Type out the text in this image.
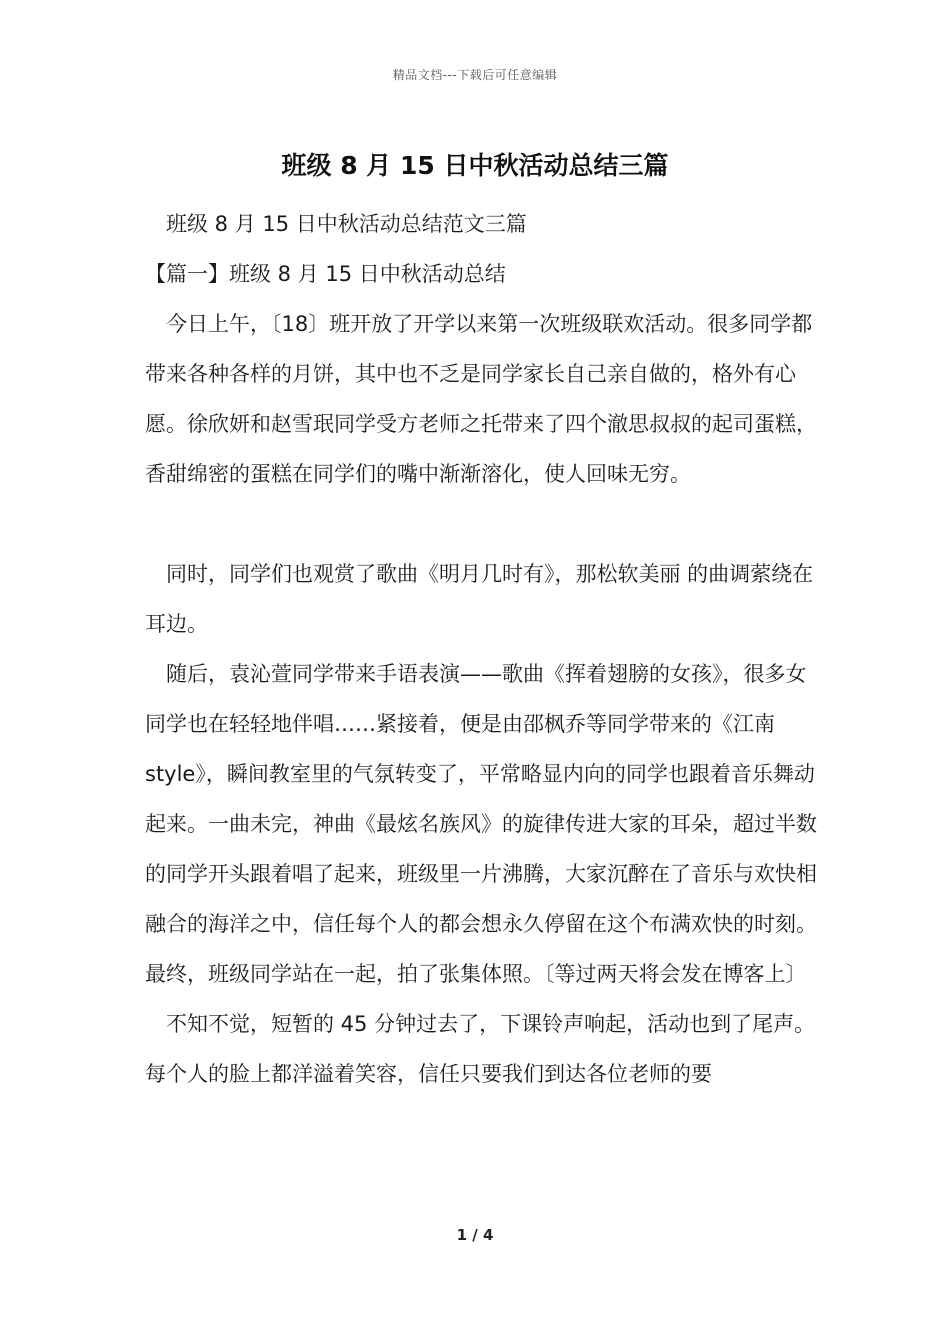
精品文档---下载后可任意编辑
班级 8 月 15 日中秋活动总结三篇

班级 8 月 15 日中秋活动总结范文三篇

【篇一】班级 8 月 15 日中秋活动总结

今日上午，〔18〕班开放了开学以来第一次班级联欢活动。很多同学都带来各种各样的月饼，其中也不乏是同学家长自己亲自做的，格外有心愿。徐欣妍和赵雪珉同学受方老师之托带来了四个澈思叔叔的起司蛋糕，香甜绵密的蛋糕在同学们的嘴中渐渐溶化，使人回味无穷。

同时，同学们也观赏了歌曲《明月几时有》，那松软美丽 的曲调萦绕在耳边。

随后，袁沁萱同学带来手语表演——歌曲《挥着翅膀的女孩》，很多女同学也在轻轻地伴唱……紧接着，便是由邵枫乔等同学带来的《江南 style》，瞬间教室里的气氛转变了，平常略显内向的同学也跟着音乐舞动起来。一曲未完，神曲《最炫名族风》的旋律传进大家的耳朵，超过半数的同学开头跟着唱了起来，班级里一片沸腾，大家沉醉在了音乐与欢快相融合的海洋之中，信任每个人的都会想永久停留在这个布满欢快的时刻。最终，班级同学站在一起，拍了张集体照。〔等过两天将会发在博客上〕

不知不觉，短暂的 45 分钟过去了，下课铃声响起，活动也到了尾声。每个人的脸上都洋溢着笑容，信任只要我们到达各位老师的要

1 / 4
